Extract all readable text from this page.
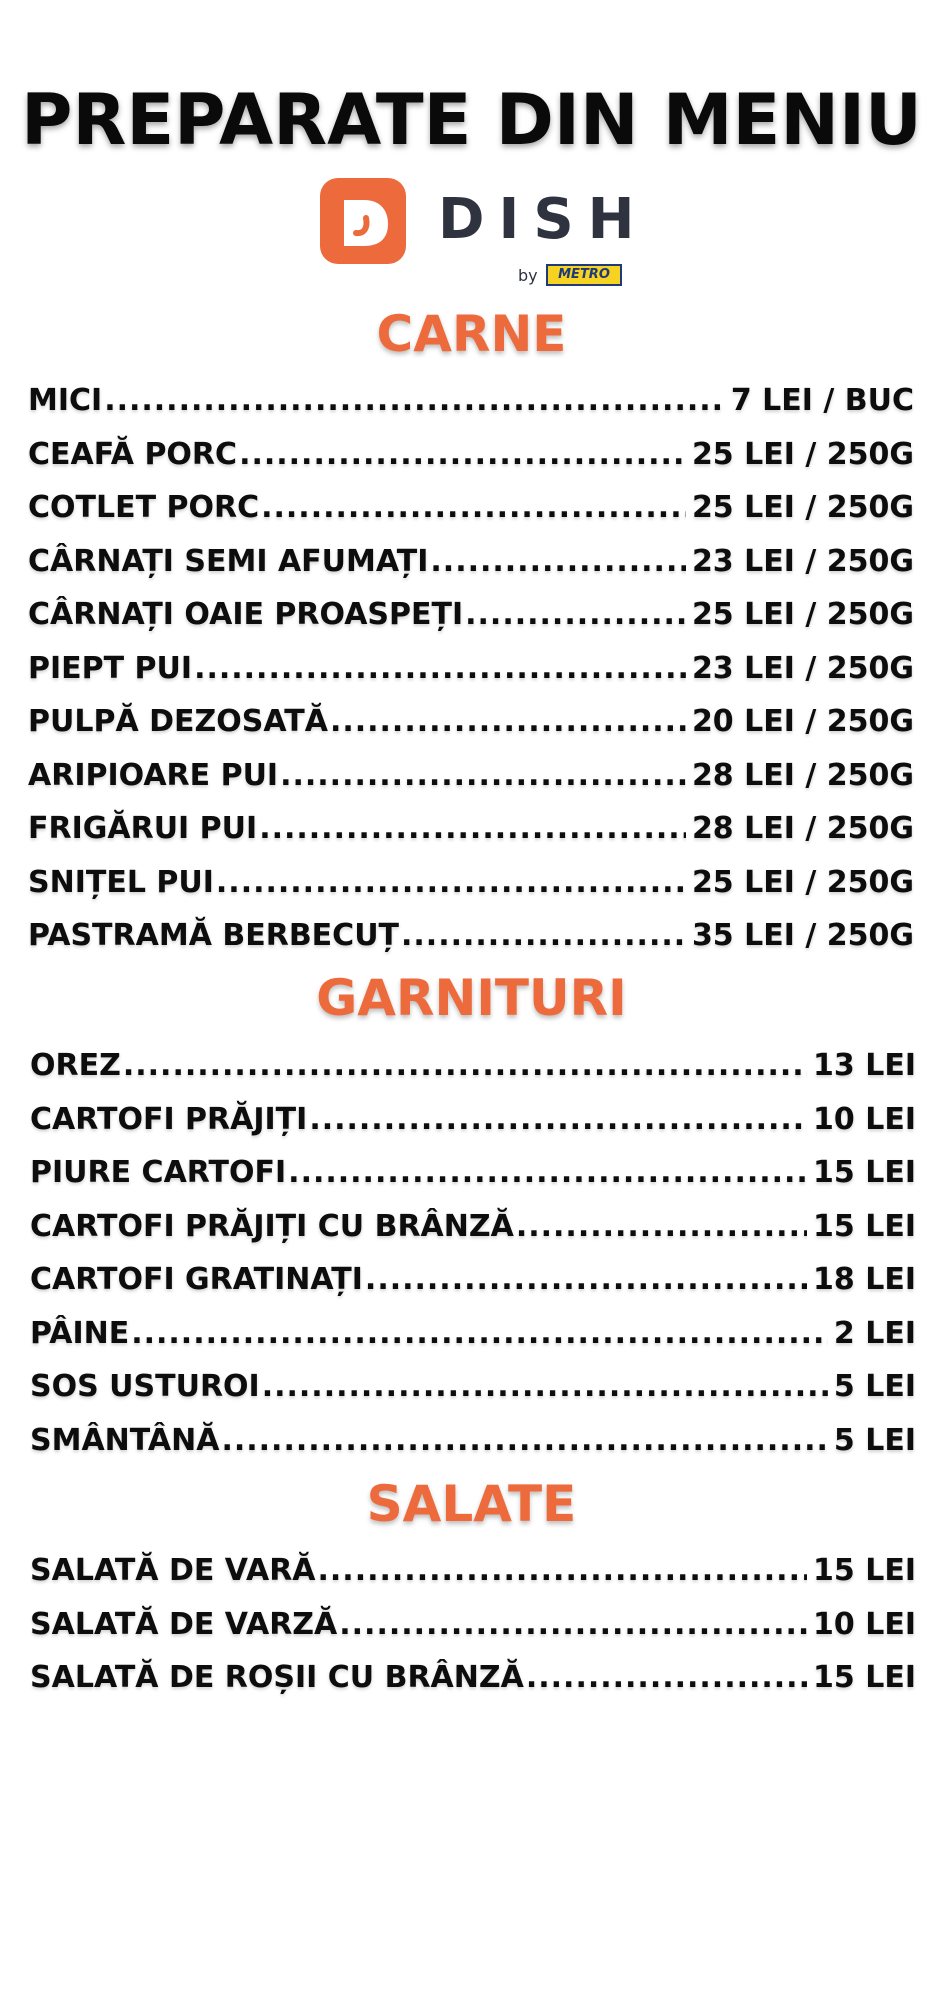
PREPARATE DIN MENIU
DISH
by	METRO
CARNE
MICI .....	7 LEI / BUC
CEAFĂ PORC .....	25 LEI / 250G
COTLET PORC .....	25 LEI / 250G
CÂRNAȚI SEMI AFUMAȚI .....	23 LEI / 250G
CÂRNAȚI OAIE PROASPEȚI .....	25 LEI / 250G
PIEPT PUI .....	23 LEI / 250G
PULPĂ DEZOSATĂ .....	20 LEI / 250G
ARIPIOARE PUI .....	28 LEI / 250G
FRIGĂRUI PUI .....	28 LEI / 250G
SNIȚEL PUI .....	25 LEI / 250G
PASTRAMĂ BERBECUȚ .....	35 LEI / 250G
GARNITURI
OREZ .....	13 LEI
CARTOFI PRĂJIȚI .....	10 LEI
PIURE CARTOFI .....	15 LEI
CARTOFI PRĂJIȚI CU BRÂNZĂ .....	15 LEI
CARTOFI GRATINAȚI .....	18 LEI
PÂINE .....	2 LEI
SOS USTUROI .....	5 LEI
SMÂNTÂNĂ .....	5 LEI
SALATE
SALATĂ DE VARĂ .....	15 LEI
SALATĂ DE VARZĂ .....	10 LEI
SALATĂ DE ROȘII CU BRÂNZĂ .....	15 LEI
